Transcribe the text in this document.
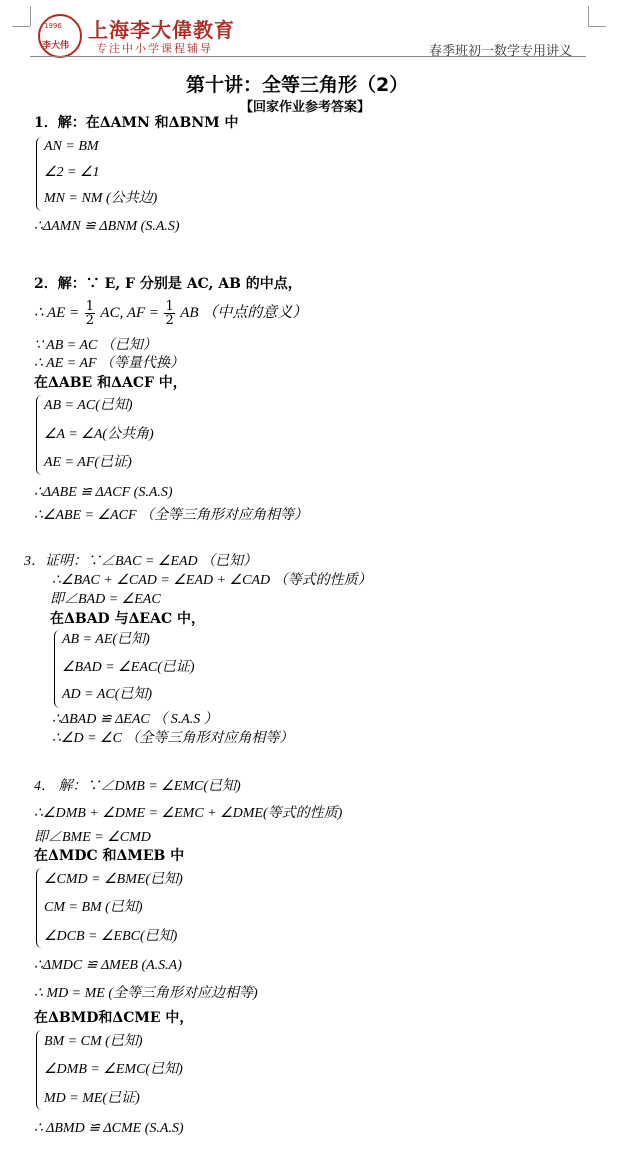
1996
李大伟
上海李大偉教育
专注中小学课程辅导	春季班初一数学专用讲义
第十讲：全等三角形（2）
【回家作业参考答案】
1．解：在ΔAMN 和ΔBNM 中
AN = BM
∠2 = ∠1
MN = NM (公共边)
∴ΔAMN ≌ ΔBNM (S.A.S)
2．解：∵ E, F 分别是 AC, AB 的中点，
∴ AE = $\frac{1}{2}$ AC, AF = $\frac{1}{2}$ AB （中点的意义）
∵ AB = AC （已知）
∴ AE = AF （等量代换）
在ΔABE 和ΔACF 中，
AB = AC(已知)
∠A = ∠A(公共角)
AE = AF(已证)
∴ΔABE ≌ ΔACF (S.A.S)
∴∠ABE = ∠ACF （全等三角形对应角相等）
3．证明：∵∠BAC = ∠EAD （已知）
∴∠BAC + ∠CAD = ∠EAD + ∠CAD （等式的性质）
即∠BAD = ∠EAC
在ΔBAD 与ΔEAC 中，
AB = AE(已知)
∠BAD = ∠EAC(已证)
AD = AC(已知)
∴ΔBAD ≌ ΔEAC （ S.A.S ）
∴∠D = ∠C （全等三角形对应角相等）
4． 解：∵∠DMB = ∠EMC(已知)
∴∠DMB + ∠DME = ∠EMC + ∠DME(等式的性质)
即∠BME = ∠CMD
在ΔMDC 和ΔMEB 中
∠CMD = ∠BME(已知)
CM = BM (已知)
∠DCB = ∠EBC(已知)
∴ΔMDC ≌ ΔMEB (A.S.A)
∴ MD = ME (全等三角形对应边相等)
在ΔBMD和ΔCME 中，
BM = CM (已知)
∠DMB = ∠EMC(已知)
MD = ME(已证)
∴ ΔBMD ≌ ΔCME (S.A.S)
